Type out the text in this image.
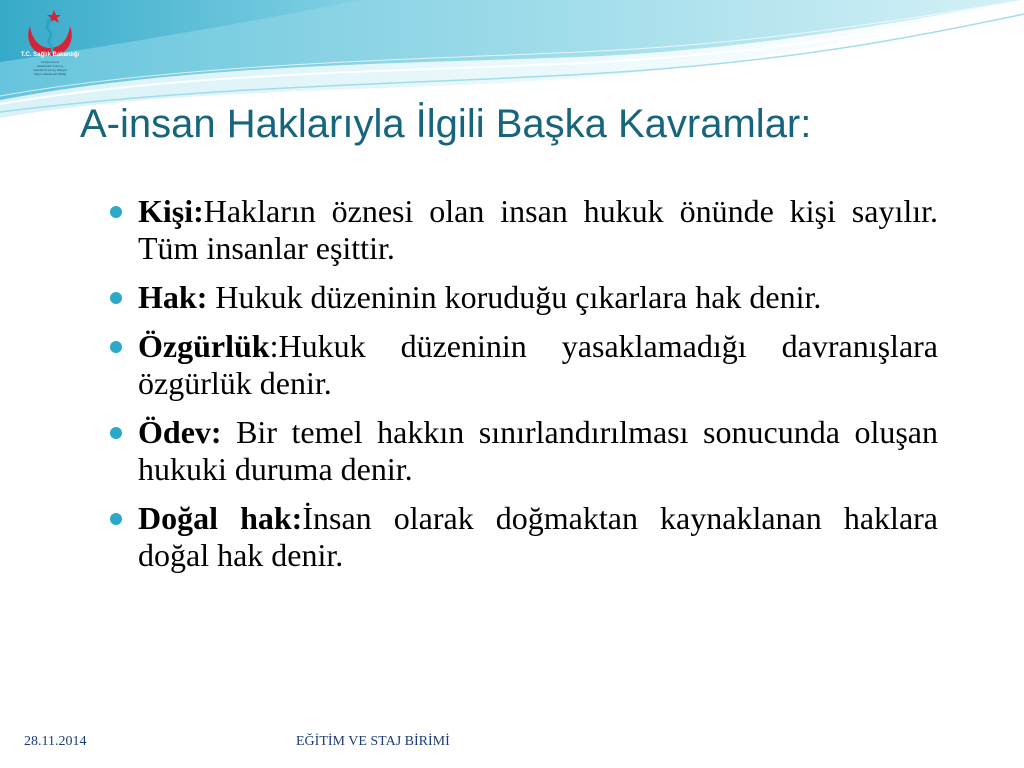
T.C. Sağlık Bakanlığı
Türkiye Kamu
Hastaneleri Kurumu
İstanbul İli Kuzey Bölgesi
Kamu Hastaneleri Birliği
A-insan Haklarıyla İlgili Başka Kavramlar:
Kişi:Hakların öznesi olan insan hukuk önünde kişi sayılır. Tüm insanlar eşittir.
Hak: Hukuk düzeninin koruduğu çıkarlara hak denir.
Özgürlük:Hukuk düzeninin yasaklamadığı davranışlara özgürlük denir.
Ödev: Bir temel hakkın sınırlandırılması sonucunda oluşan hukuki duruma denir.
Doğal hak:İnsan olarak doğmaktan kaynaklanan haklara doğal hak denir.
28.11.2014	EĞİTİM VE STAJ BİRİMİ
